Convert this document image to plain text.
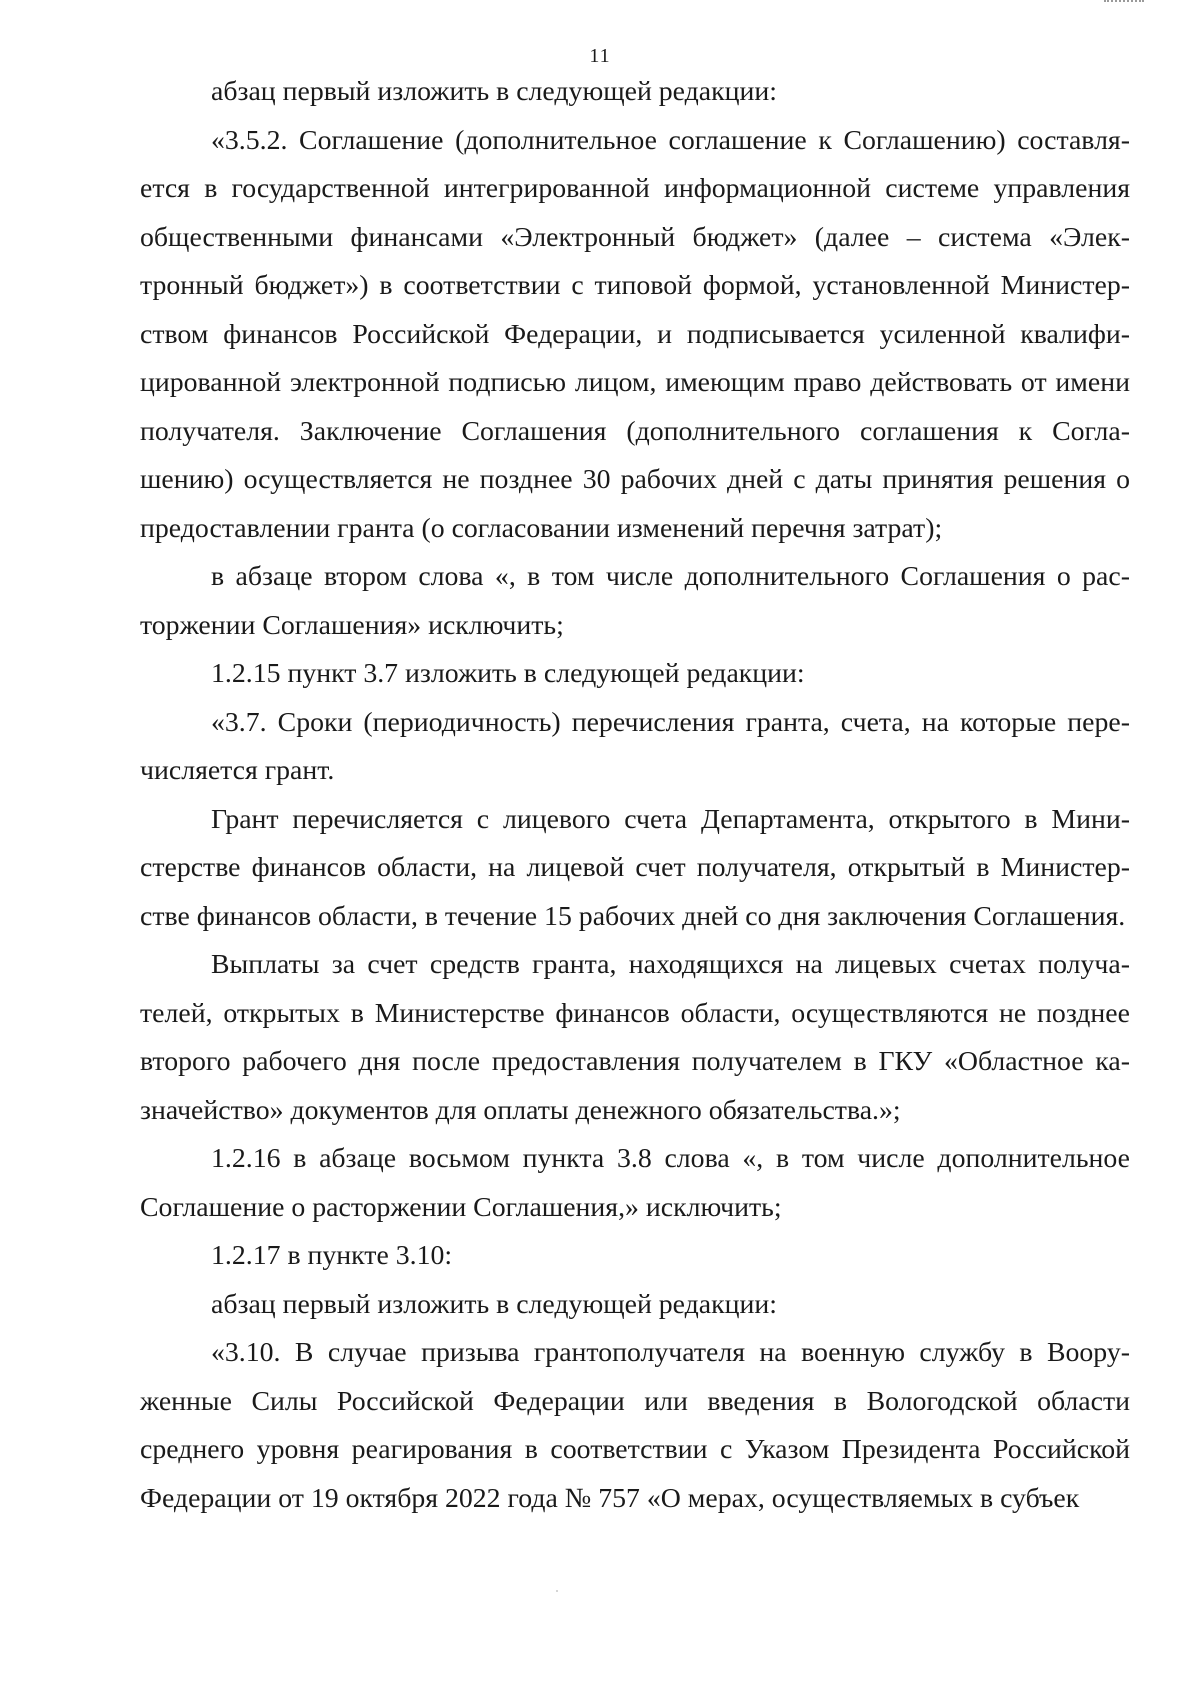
11

абзац первый изложить в следующей редакции:

«3.5.2. Соглашение (дополнительное соглашение к Соглашению) составляется в государственной интегрированной информационной системе управления общественными финансами «Электронный бюджет» (далее – система «Электронный бюджет») в соответствии с типовой формой, установленной Министерством финансов Российской Федерации, и подписывается усиленной квалифицированной электронной подписью лицом, имеющим право действовать от имени получателя. Заключение Соглашения (дополнительного соглашения к Соглашению) осуществляется не позднее 30 рабочих дней с даты принятия решения о предоставлении гранта (о согласовании изменений перечня затрат);

в абзаце втором слова «, в том числе дополнительного Соглашения о расторжении Соглашения» исключить;

1.2.15 пункт 3.7 изложить в следующей редакции:

«3.7. Сроки (периодичность) перечисления гранта, счета, на которые перечисляется грант.

Грант перечисляется с лицевого счета Департамента, открытого в Министерстве финансов области, на лицевой счет получателя, открытый в Министерстве финансов области, в течение 15 рабочих дней со дня заключения Соглашения.

Выплаты за счет средств гранта, находящихся на лицевых счетах получателей, открытых в Министерстве финансов области, осуществляются не позднее второго рабочего дня после предоставления получателем в ГКУ «Областное казначейство» документов для оплаты денежного обязательства.»;

1.2.16 в абзаце восьмом пункта 3.8 слова «, в том числе дополнительное Соглашение о расторжении Соглашения,» исключить;

1.2.17 в пункте 3.10:

абзац первый изложить в следующей редакции:

«3.10. В случае призыва грантополучателя на военную службу в Вооруженные Силы Российской Федерации или введения в Вологодской области среднего уровня реагирования в соответствии с Указом Президента Российской Федерации от 19 октября 2022 года № 757 «О мерах, осуществляемых в субъек
